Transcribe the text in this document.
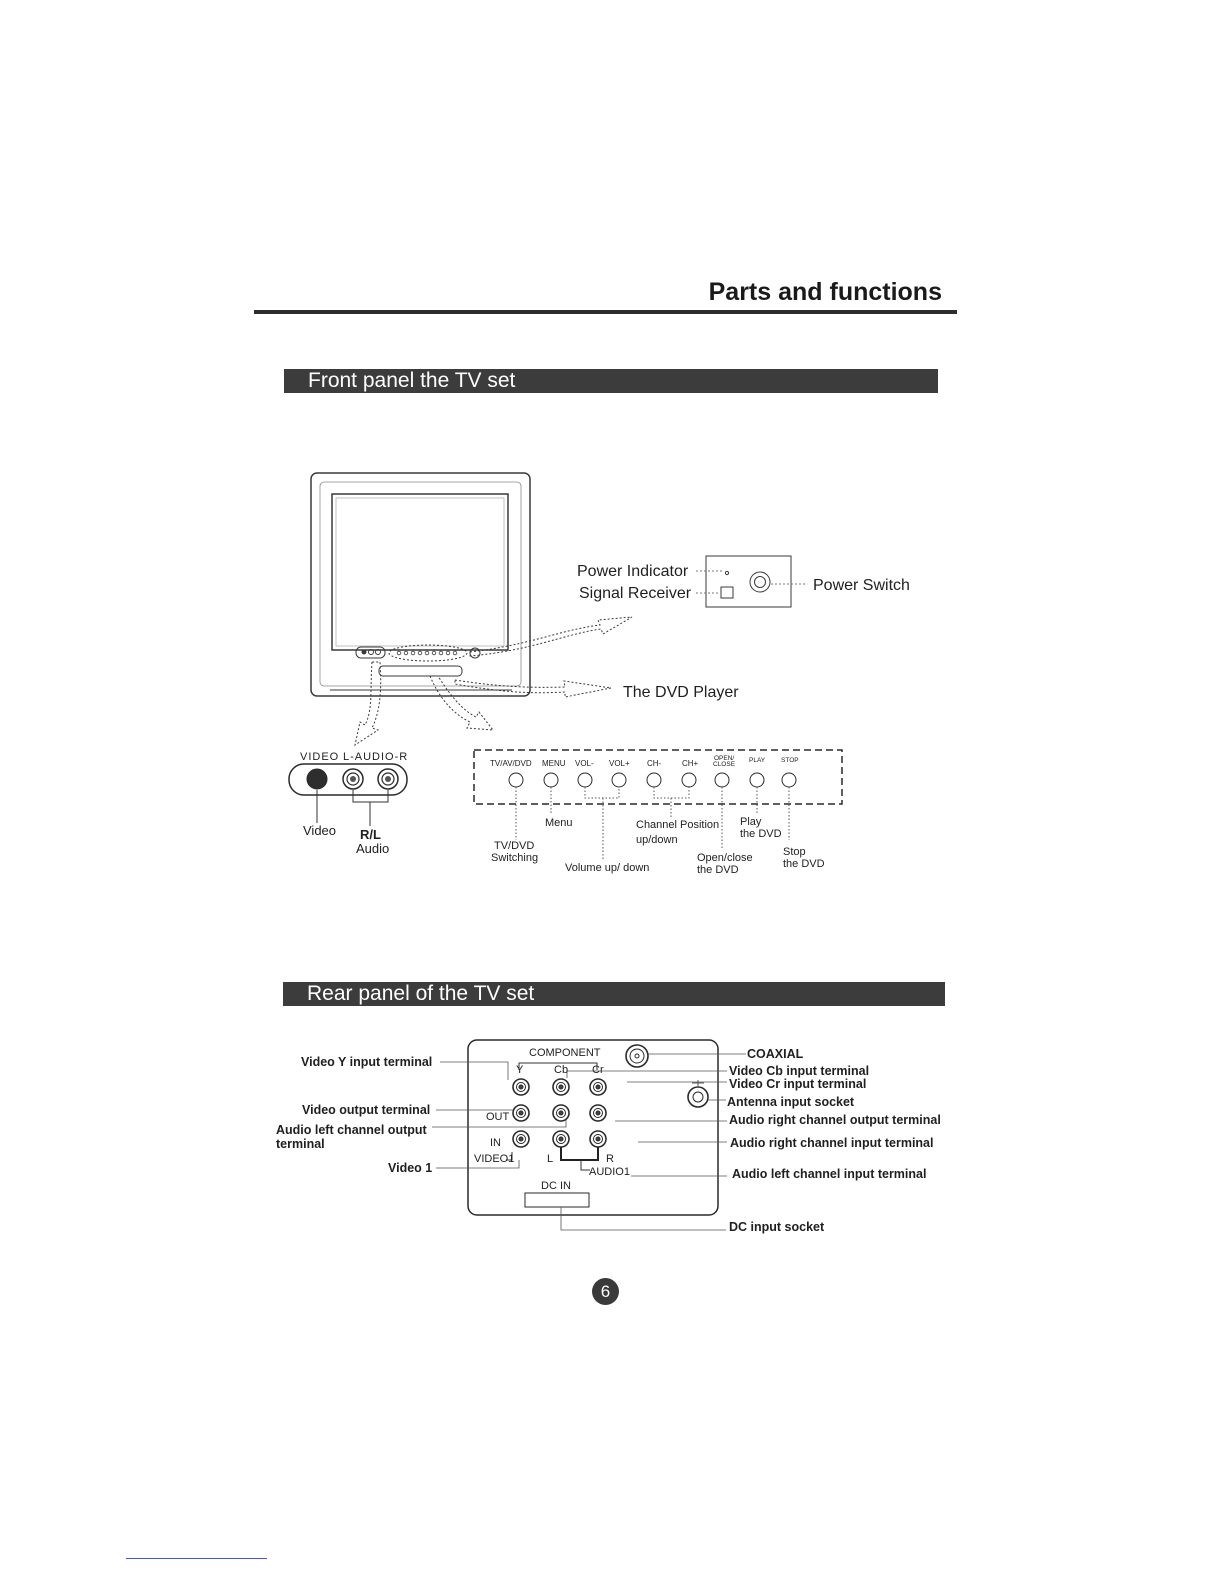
Parts and functions
Front panel the TV set
Power Indicator
Signal Receiver	Power Switch
The DVD Player
VIDEO L-AUDIO-R
Video R/L
Audio
TV/AV/DVD MENU VOL- VOL+ CH-	CH+
OPEN/
CLOSE
PLAY STOP
Menu	Channel Position
up/down
Play
the DVD
TV/DVD
Switching
Volume up/ down
Open/close
the DVD
Stop
the DVD
Rear panel of the TV set
COMPONENT
Y	Cb Cr
OUT
IN
VIDEO1	L	R
AUDIO1
DC IN
Video Y input terminal
Video output terminal
Audio left channel output
terminal
Video 1
COAXIAL
Video Cb input terminal
Video Cr input terminal
Antenna input socket
Audio right channel output terminal
Audio right channel input terminal
Audio left channel input terminal
DC input socket
6
